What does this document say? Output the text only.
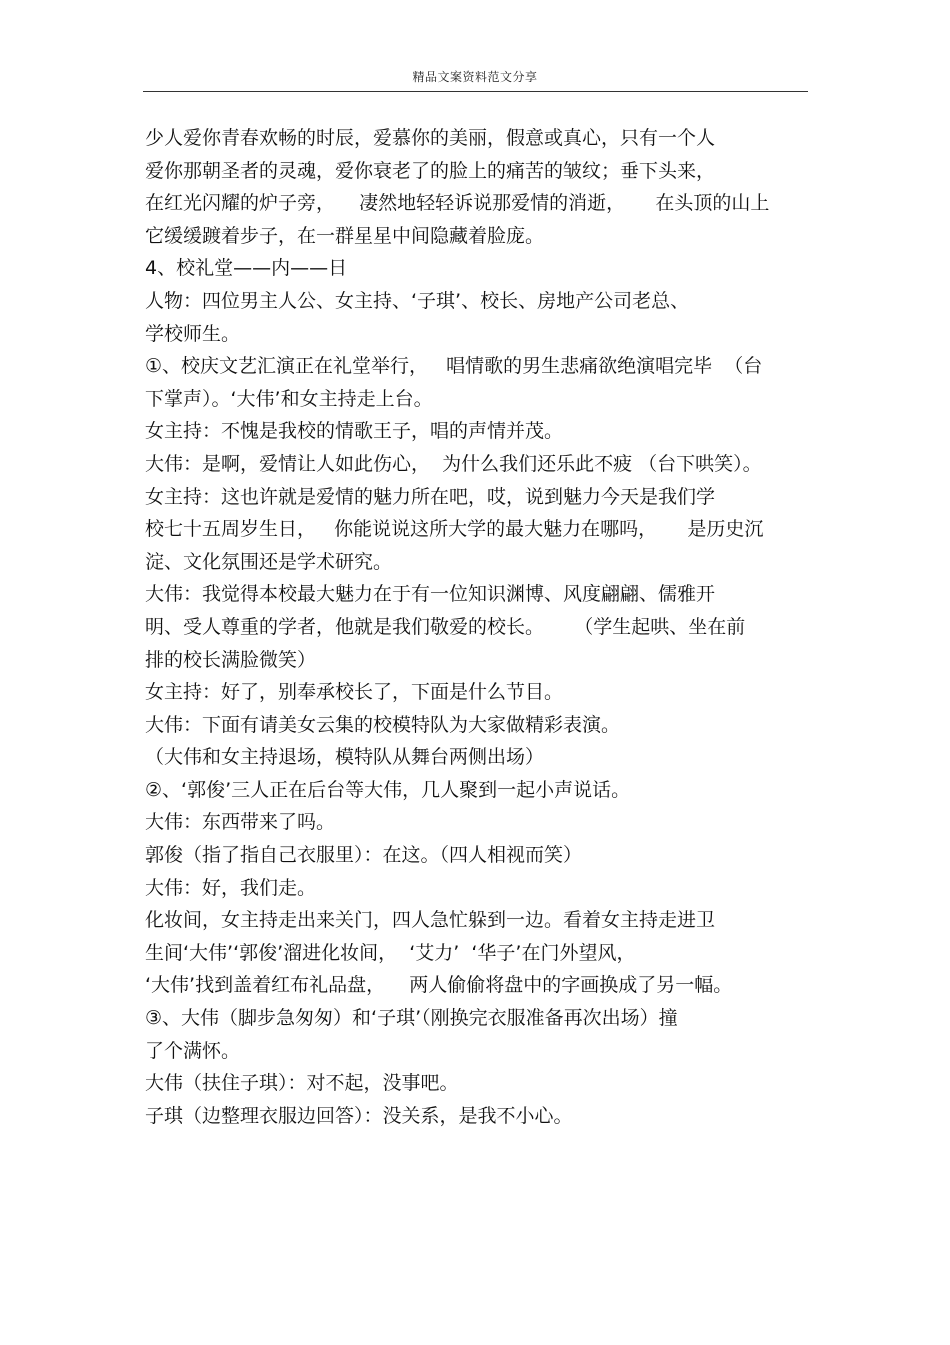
精品文案资料范文分享
少人爱你青春欢畅的时辰，爱慕你的美丽，假意或真心，只有一个人
爱你那朝圣者的灵魂，爱你衰老了的脸上的痛苦的皱纹；垂下头来，
在红光闪耀的炉子旁，    凄然地轻轻诉说那爱情的消逝，     在头顶的山上
它缓缓踱着步子，在一群星星中间隐藏着脸庞。
4、校礼堂——内——日
人物：四位男主人公、女主持、‘子琪’、校长、房地产公司老总、
学校师生。
①、校庆文艺汇演正在礼堂举行，   唱情歌的男生悲痛欲绝演唱完毕  （台
下掌声）。‘大伟’和女主持走上台。
女主持：不愧是我校的情歌王子，唱的声情并茂。
大伟：是啊，爱情让人如此伤心，  为什么我们还乐此不疲 （台下哄笑）。
女主持：这也许就是爱情的魅力所在吧，哎，说到魅力今天是我们学
校七十五周岁生日，   你能说说这所大学的最大魅力在哪吗，     是历史沉
淀、文化氛围还是学术研究。
大伟：我觉得本校最大魅力在于有一位知识渊博、风度翩翩、儒雅开
明、受人尊重的学者，他就是我们敬爱的校长。     （学生起哄、坐在前
排的校长满脸微笑）
女主持：好了，别奉承校长了，下面是什么节目。
大伟：下面有请美女云集的校模特队为大家做精彩表演。
（大伟和女主持退场，模特队从舞台两侧出场）
②、‘郭俊’三人正在后台等大伟，几人聚到一起小声说话。
大伟：东西带来了吗。
郭俊（指了指自己衣服里）：在这。（四人相视而笑）
大伟：好，我们走。
化妆间，女主持走出来关门，四人急忙躲到一边。看着女主持走进卫
生间‘大伟’‘郭俊’溜进化妆间，  ‘艾力’  ‘华子’在门外望风，
‘大伟’找到盖着红布礼品盘，    两人偷偷将盘中的字画换成了另一幅。
③、大伟（脚步急匆匆）和‘子琪’（刚换完衣服准备再次出场）撞
了个满怀。
大伟（扶住子琪）：对不起，没事吧。
子琪（边整理衣服边回答）：没关系，是我不小心。
